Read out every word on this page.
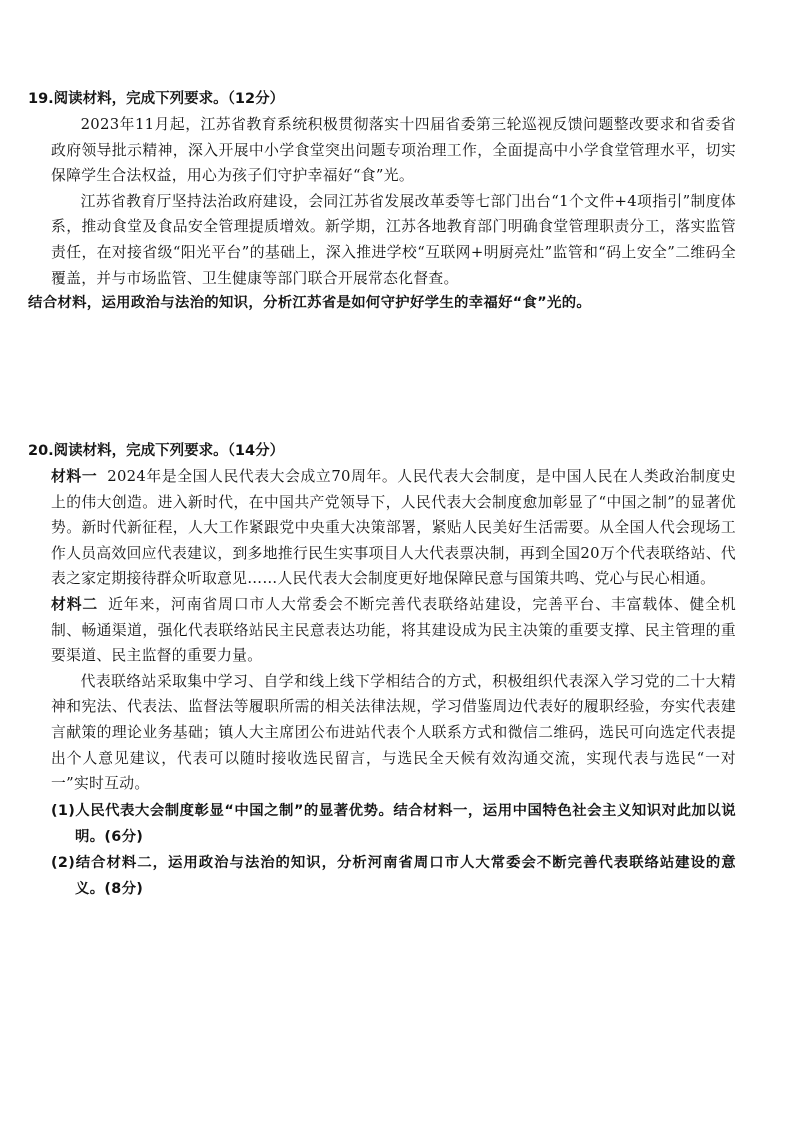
19.阅读材料，完成下列要求。（12分）

2023年11月起，江苏省教育系统积极贯彻落实十四届省委第三轮巡视反馈问题整改要求和省委省政府领导批示精神，深入开展中小学食堂突出问题专项治理工作，全面提高中小学食堂管理水平，切实保障学生合法权益，用心为孩子们守护幸福好“食”光。

江苏省教育厅坚持法治政府建设，会同江苏省发展改革委等七部门出台“1个文件+4项指引”制度体系，推动食堂及食品安全管理提质增效。新学期，江苏各地教育部门明确食堂管理职责分工，落实监管责任，在对接省级“阳光平台”的基础上，深入推进学校“互联网+明厨亮灶”监管和“码上安全”二维码全覆盖，并与市场监管、卫生健康等部门联合开展常态化督查。

结合材料，运用政治与法治的知识，分析江苏省是如何守护好学生的幸福好“食”光的。

20.阅读材料，完成下列要求。（14分）

材料一 2024年是全国人民代表大会成立70周年。人民代表大会制度，是中国人民在人类政治制度史上的伟大创造。进入新时代，在中国共产党领导下，人民代表大会制度愈加彰显了“中国之制”的显著优势。新时代新征程，人大工作紧跟党中央重大决策部署，紧贴人民美好生活需要。从全国人代会现场工作人员高效回应代表建议，到多地推行民生实事项目人大代表票决制，再到全国20万个代表联络站、代表之家定期接待群众听取意见……人民代表大会制度更好地保障民意与国策共鸣、党心与民心相通。

材料二 近年来，河南省周口市人大常委会不断完善代表联络站建设，完善平台、丰富载体、健全机制、畅通渠道，强化代表联络站民主民意表达功能，将其建设成为民主决策的重要支撑、民主管理的重要渠道、民主监督的重要力量。

代表联络站采取集中学习、自学和线上线下学相结合的方式，积极组织代表深入学习党的二十大精神和宪法、代表法、监督法等履职所需的相关法律法规，学习借鉴周边代表好的履职经验，夯实代表建言献策的理论业务基础；镇人大主席团公布进站代表个人联系方式和微信二维码，选民可向选定代表提出个人意见建议，代表可以随时接收选民留言，与选民全天候有效沟通交流，实现代表与选民“一对一”实时互动。

(1)人民代表大会制度彰显“中国之制”的显著优势。结合材料一，运用中国特色社会主义知识对此加以说明。(6分)

(2)结合材料二，运用政治与法治的知识，分析河南省周口市人大常委会不断完善代表联络站建设的意义。(8分)
